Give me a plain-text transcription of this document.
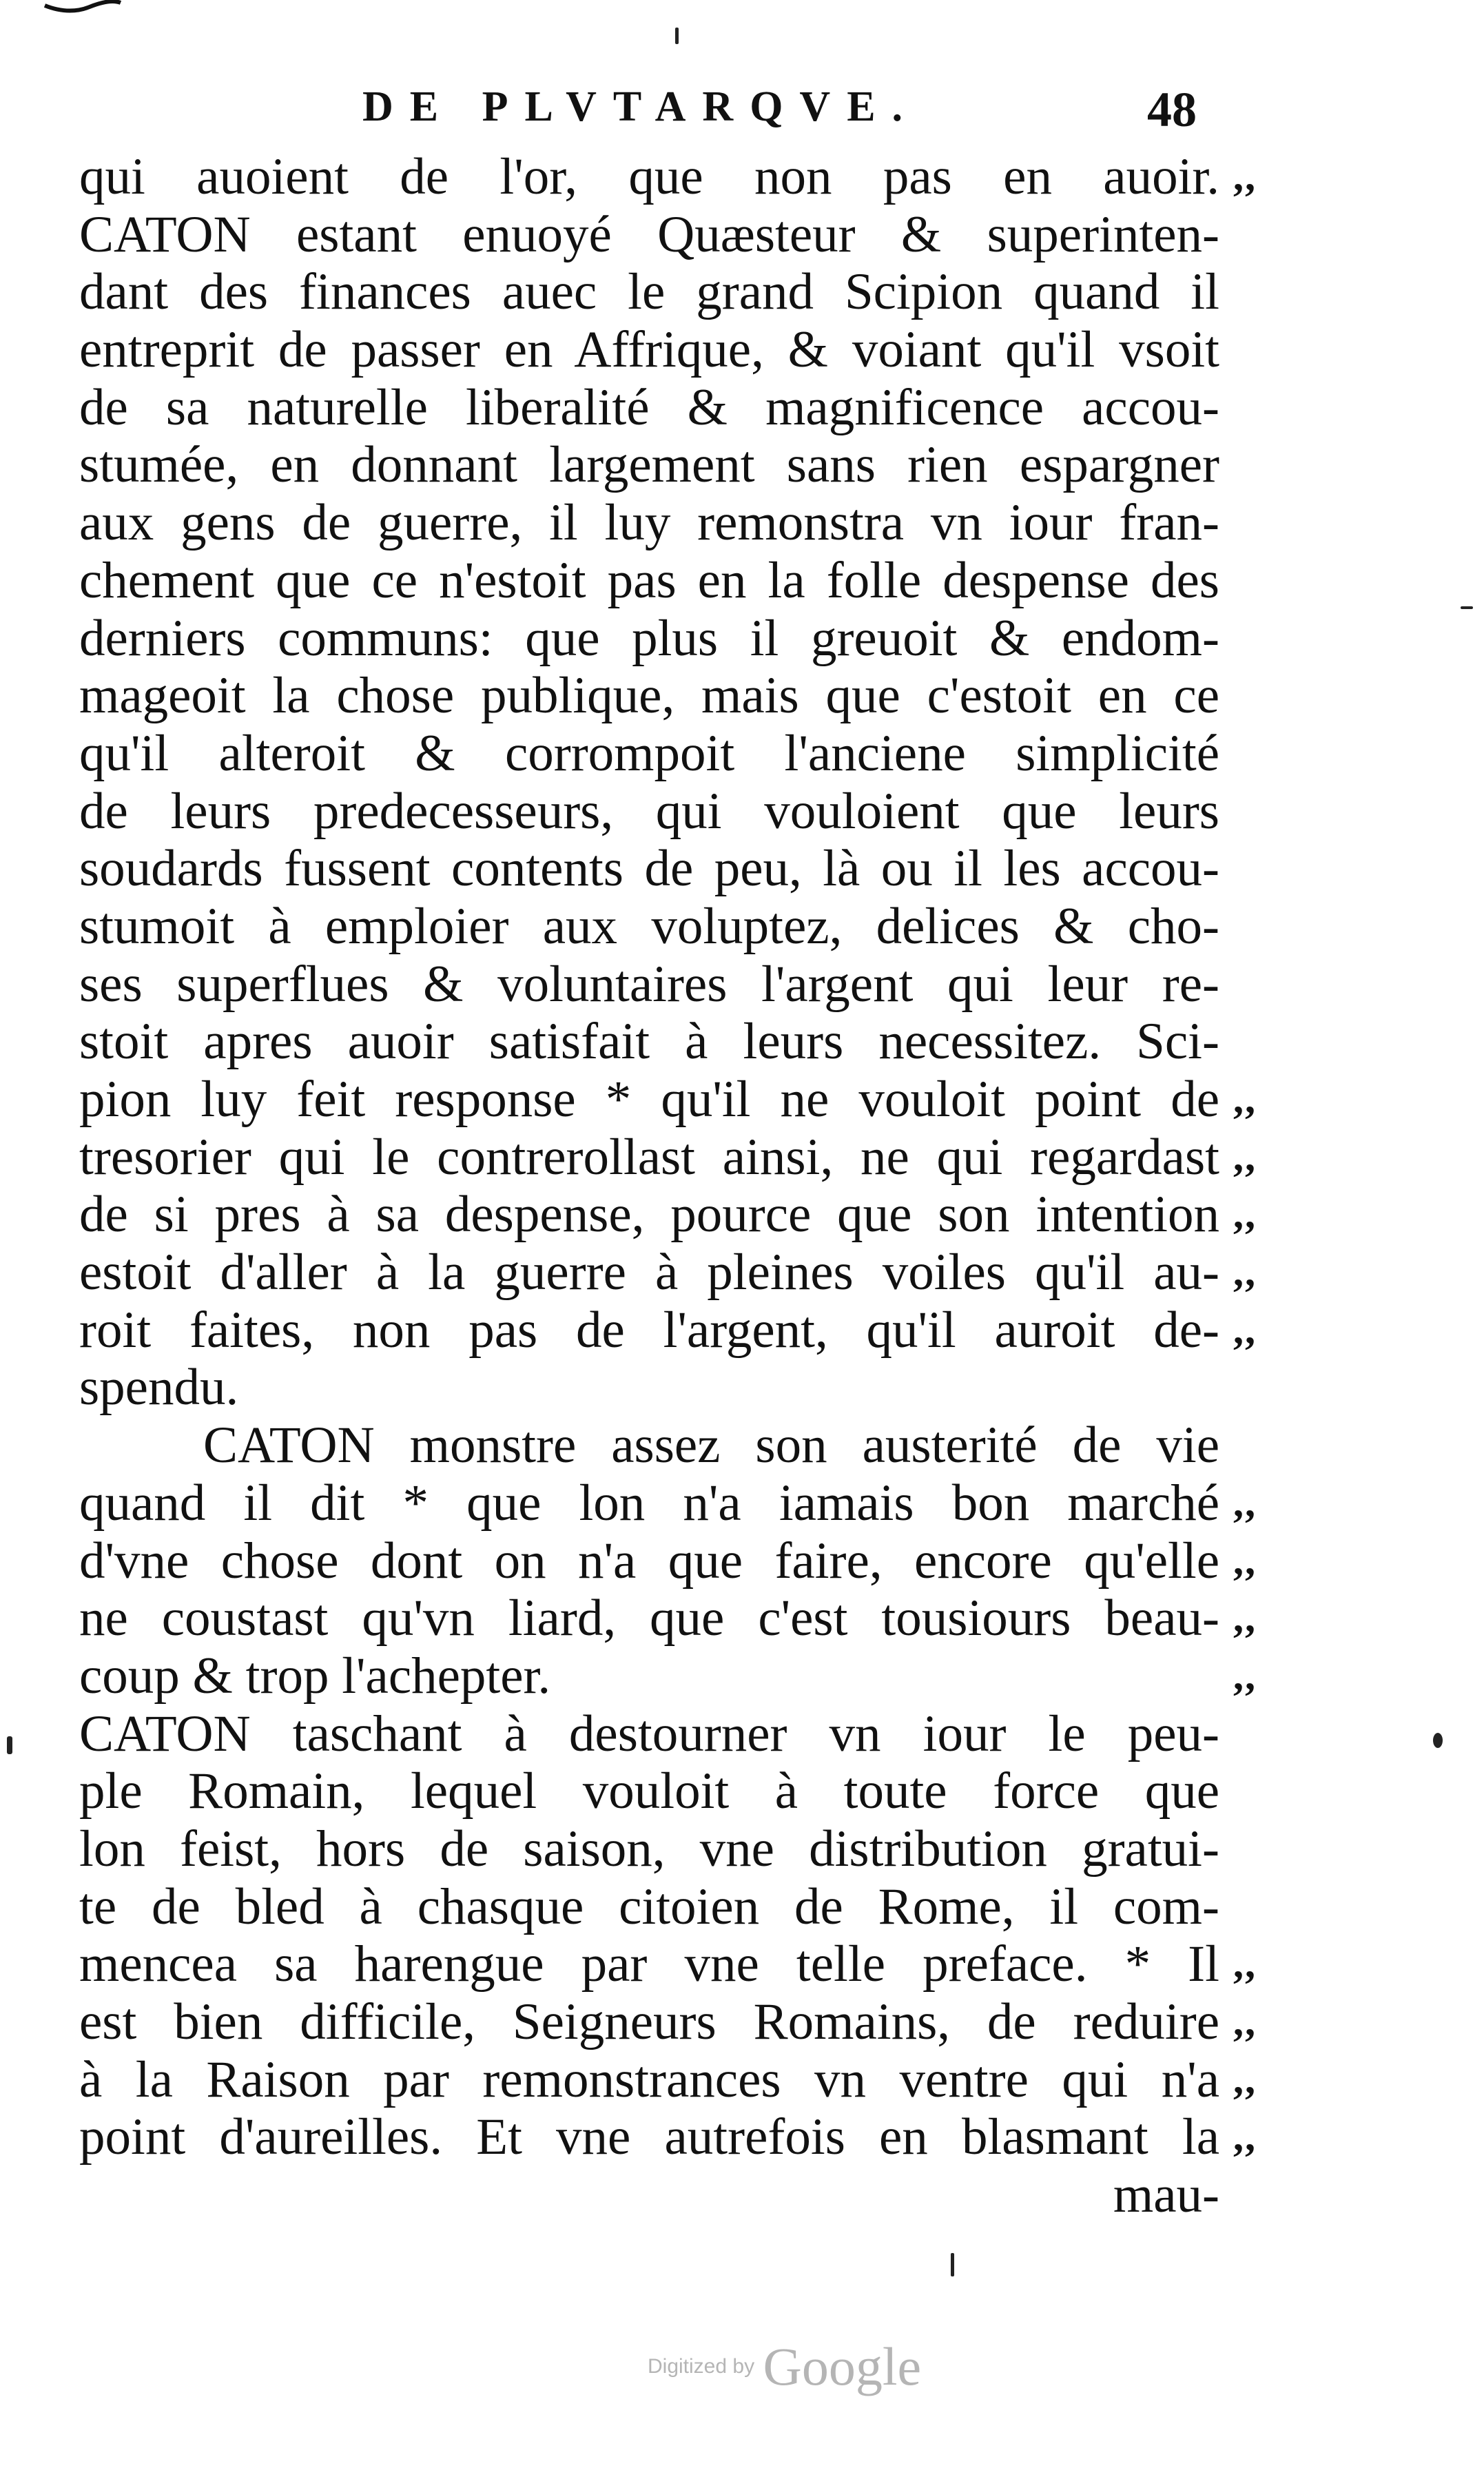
DE PLVTARQVE.	48
qui auoient de l'or, que non pas en auoir.
CATON estant enuoyé Quæsteur & superinten-
dant des finances auec le grand Scipion quand il
entreprit de passer en Affrique, & voiant qu'il vsoit
de sa naturelle liberalité & magnificence accou-
stumée, en donnant largement sans rien espargner
aux gens de guerre, il luy remonstra vn iour fran-
chement que ce n'estoit pas en la folle despense des
derniers communs: que plus il greuoit & endom-
mageoit la chose publique, mais que c'estoit en ce
qu'il alteroit & corrompoit l'anciene simplicité
de leurs predecesseurs, qui vouloient que leurs
soudards fussent contents de peu, là ou il les accou-
stumoit à emploier aux voluptez, delices & cho-
ses superflues & voluntaires l'argent qui leur re-
stoit apres auoir satisfait à leurs necessitez. Sci-
pion luy feit response * qu'il ne vouloit point de
tresorier qui le contrerollast ainsi, ne qui regardast
de si pres à sa despense, pource que son intention
estoit d'aller à la guerre à pleines voiles qu'il au-
roit faites, non pas de l'argent, qu'il auroit de-
spendu.
CATON monstre assez son austerité de vie
quand il dit * que lon n'a iamais bon marché
d'vne chose dont on n'a que faire, encore qu'elle
ne coustast qu'vn liard, que c'est tousiours beau-
coup & trop l'achepter.
CATON taschant à destourner vn iour le peu-
ple Romain, lequel vouloit à toute force que
lon feist, hors de saison, vne distribution gratui-
te de bled à chasque citoien de Rome, il com-
mencea sa harengue par vne telle preface. * Il
est bien difficile, Seigneurs Romains, de reduire
à la Raison par remonstrances vn ventre qui n'a
point d'aureilles. Et vne autrefois en blasmant la
mau-
,,
,,
,,
,,
,,
,,
,,
,,
,,
,,
,,
,,
,,
,,
Digitized by Google
